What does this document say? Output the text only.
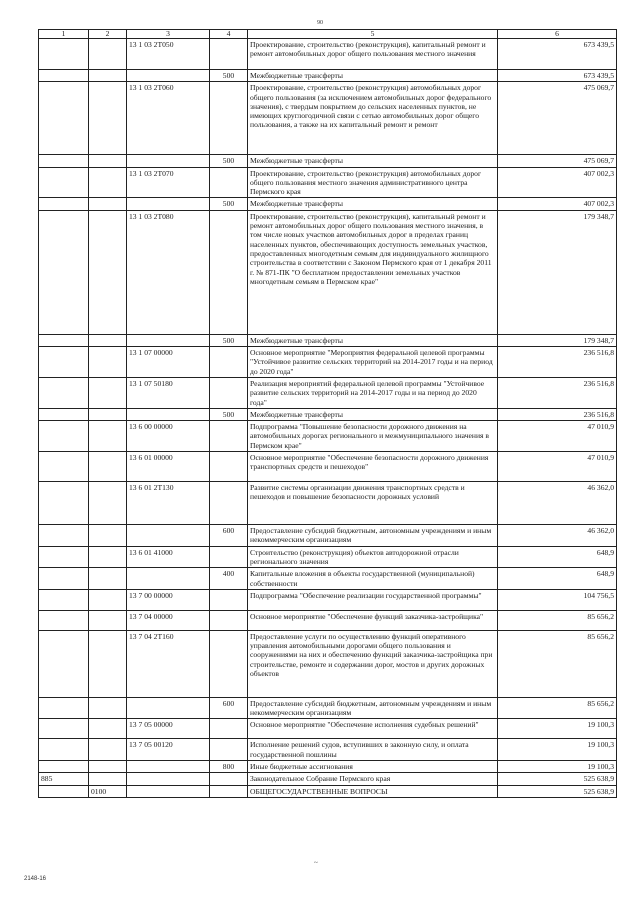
90
1	2	3	4	5	6
		13 1 03 2Т050		Проектирование, строительство (реконструкция), капитальный ремонт и ремонт автомобильных дорог общего пользования местного значения	673 439,5
			500	Межбюджетные трансферты	673 439,5
		13 1 03 2Т060		Проектирование, строительство (реконструкция) автомобильных дорог общего пользования (за исключением автомобильных дорог федерального значения), с твердым покрытием до сельских населенных пунктов, не имеющих круглогодичной связи с сетью автомобильных дорог общего пользования, а также на их капитальный ремонт и ремонт	475 069,7
			500	Межбюджетные трансферты	475 069,7
		13 1 03 2Т070		Проектирование, строительство (реконструкция) автомобильных дорог общего пользования местного значения административного центра Пермского края	407 002,3
			500	Межбюджетные трансферты	407 002,3
		13 1 03 2Т080		Проектирование, строительство (реконструкция), капитальный ремонт и ремонт автомобильных дорог общего пользования местного значения, в том числе новых участков автомобильных дорог в пределах границ населенных пунктов, обеспечивающих доступность земельных участков, предоставленных многодетным семьям для индивидуального жилищного строительства в соответствии с Законом Пермского края от 1 декабря 2011 г. № 871-ПК "О бесплатном предоставлении земельных участков многодетным семьям в Пермском крае"	179 348,7
			500	Межбюджетные трансферты	179 348,7
		13 1 07 00000		Основное мероприятие "Мероприятия федеральной целевой программы "Устойчивое развитие сельских территорий на 2014-2017 годы и на период до 2020 года"	236 516,8
		13 1 07 50180		Реализация мероприятий федеральной целевой программы "Устойчивое развитие сельских территорий на 2014-2017 годы и на период до 2020 года"	236 516,8
			500	Межбюджетные трансферты	236 516,8
		13 6 00 00000		Подпрограмма "Повышение безопасности дорожного движения на автомобильных дорогах регионального и межмуниципального значения в Пермском крае"	47 010,9
		13 6 01 00000		Основное мероприятие "Обеспечение безопасности дорожного движения транспортных средств и пешеходов"	47 010,9
		13 6 01 2Т130		Развитие системы организации движения транспортных средств и пешеходов и повышение безопасности дорожных условий	46 362,0
			600	Предоставление субсидий бюджетным, автономным учреждениям и иным некоммерческим организациям	46 362,0
		13 6 01 41000		Строительство (реконструкция) объектов автодорожной отрасли регионального значения	648,9
			400	Капитальные вложения в объекты государственной (муниципальной) собственности	648,9
		13 7 00 00000		Подпрограмма "Обеспечение реализации государственной программы"	104 756,5
		13 7 04 00000		Основное мероприятие "Обеспечение функций заказчика-застройщика"	85 656,2
		13 7 04 2Т160		Предоставление услуги по осуществлению функций оперативного управления автомобильными дорогами общего пользования и сооружениями на них и обеспечению функций заказчика-застройщика при строительстве, ремонте и содержании дорог, мостов и других дорожных объектов	85 656,2
			600	Предоставление субсидий бюджетным, автономным учреждениям и иным некоммерческим организациям	85 656,2
		13 7 05 00000		Основное мероприятие "Обеспечение исполнения судебных решений"	19 100,3
		13 7 05 00120		Исполнение решений судов, вступивших в законную силу, и оплата государственной пошлины	19 100,3
			800	Иные бюджетные ассигнования	19 100,3
885				Законодательное Собрание Пермского края	525 638,9
	0100			ОБЩЕГОСУДАРСТВЕННЫЕ ВОПРОСЫ	525 638,9
~
2148-16
